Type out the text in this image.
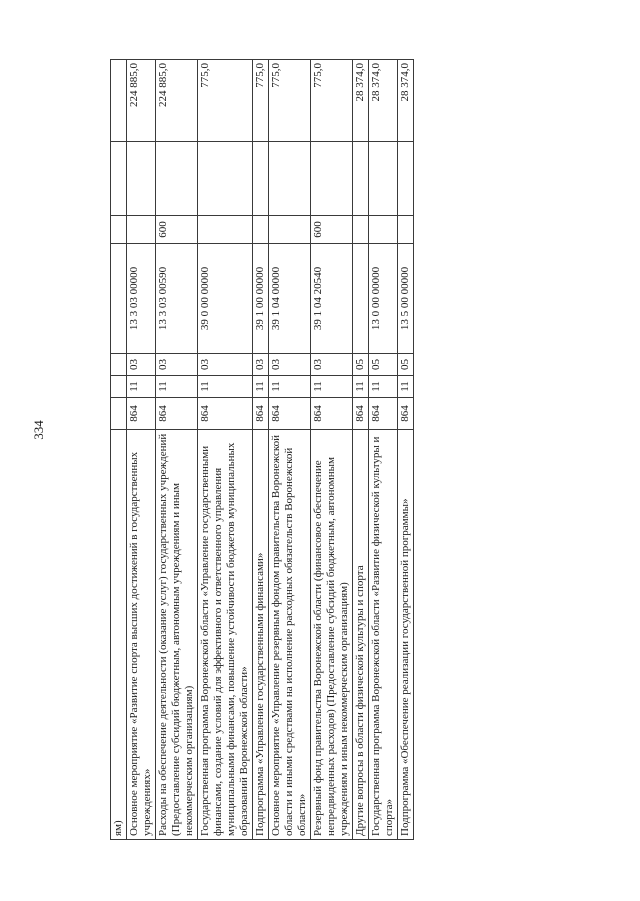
334
ям)							
Основное мероприятие «Развитие спорта высших достижений в государственных учреждениях»	864	11	03	13 3 03 00000			224 885,0
Расходы на обеспечение деятельности (оказание услуг) государственных учреждений (Предоставление субсидий бюджетным, автономным учреждениям и иным некоммерческим организациям)	864	11	03	13 3 03 00590	600		224 885,0
Государственная программа Воронежской области «Управление государственными финансами, создание условий для эффективного и ответственного управления муниципальными финансами, повышение устойчивости бюджетов муниципальных образований Воронежской области»	864	11	03	39 0 00 00000			775,0
Подпрограмма «Управление государственными финансами»	864	11	03	39 1 00 00000			775,0
Основное мероприятие «Управление резервным фондом правительства Воронежской области и иными средствами на исполнение расходных обязательств Воронежской области»	864	11	03	39 1 04 00000			775,0
Резервный фонд правительства Воронежской области (финансовое обеспечение непредвиденных расходов) (Предоставление субсидий бюджетным, автономным учреждениям и иным некоммерческим организациям)	864	11	03	39 1 04 20540	600		775,0
Другие вопросы в области физической культуры и спорта	864	11	05				28 374,0
Государственная программа Воронежской области «Развитие физической культуры и спорта»	864	11	05	13 0 00 00000			28 374,0
Подпрограмма «Обеспечение реализации государственной программы»	864	11	05	13 5 00 00000			28 374,0
